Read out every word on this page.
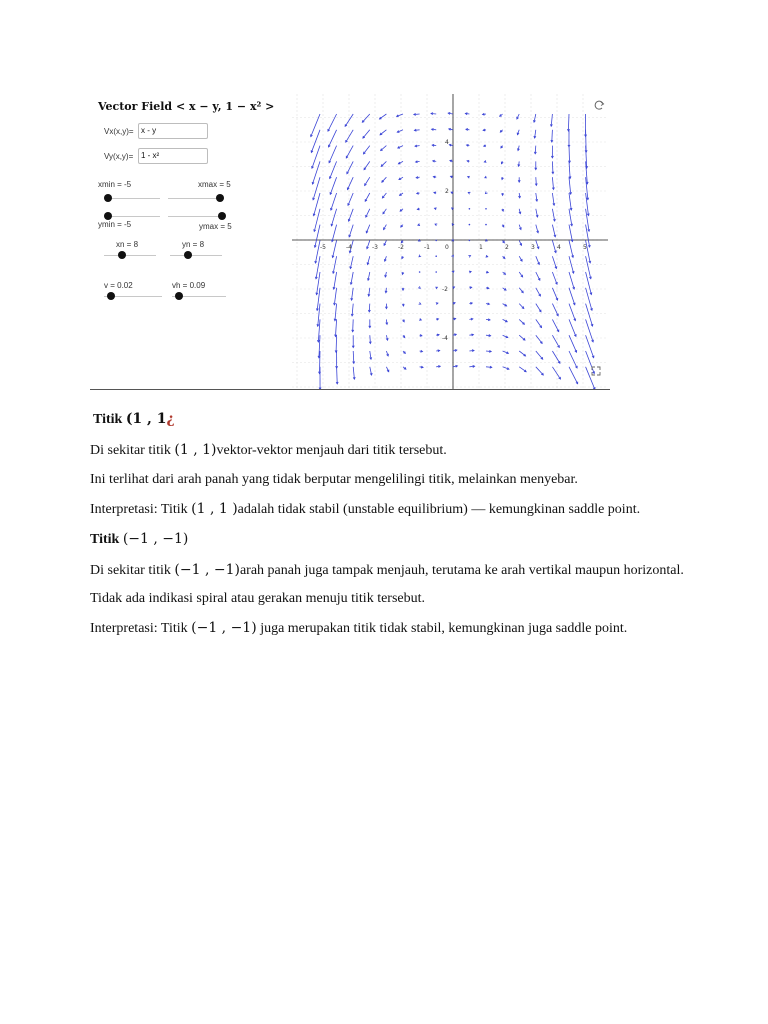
Vector Field < x − y, 1 − x² >
Vx(x,y)= x - y
Vy(x,y)= 1 - x²
xmin = -5	xmax = 5
ymin = -5	ymax = 5
xn = 8	yn = 8
v = 0.02	vh = 0.09
-5	-4	-3	-2	-1	0	1	2	3	4	5
4
2
-2
-4
Titik (1 , 1¿
Di sekitar titik (1 , 1)vektor-vektor menjauh dari titik tersebut.
Ini terlihat dari arah panah yang tidak berputar mengelilingi titik, melainkan menyebar.
Interpretasi: Titik (1 , 1 )adalah tidak stabil (unstable equilibrium) — kemungkinan saddle point.
Titik (−1 , −1)
Di sekitar titik (−1 , −1)arah panah juga tampak menjauh, terutama ke arah vertikal maupun horizontal.
Tidak ada indikasi spiral atau gerakan menuju titik tersebut.
Interpretasi: Titik (−1 , −1) juga merupakan titik tidak stabil, kemungkinan juga saddle point.
